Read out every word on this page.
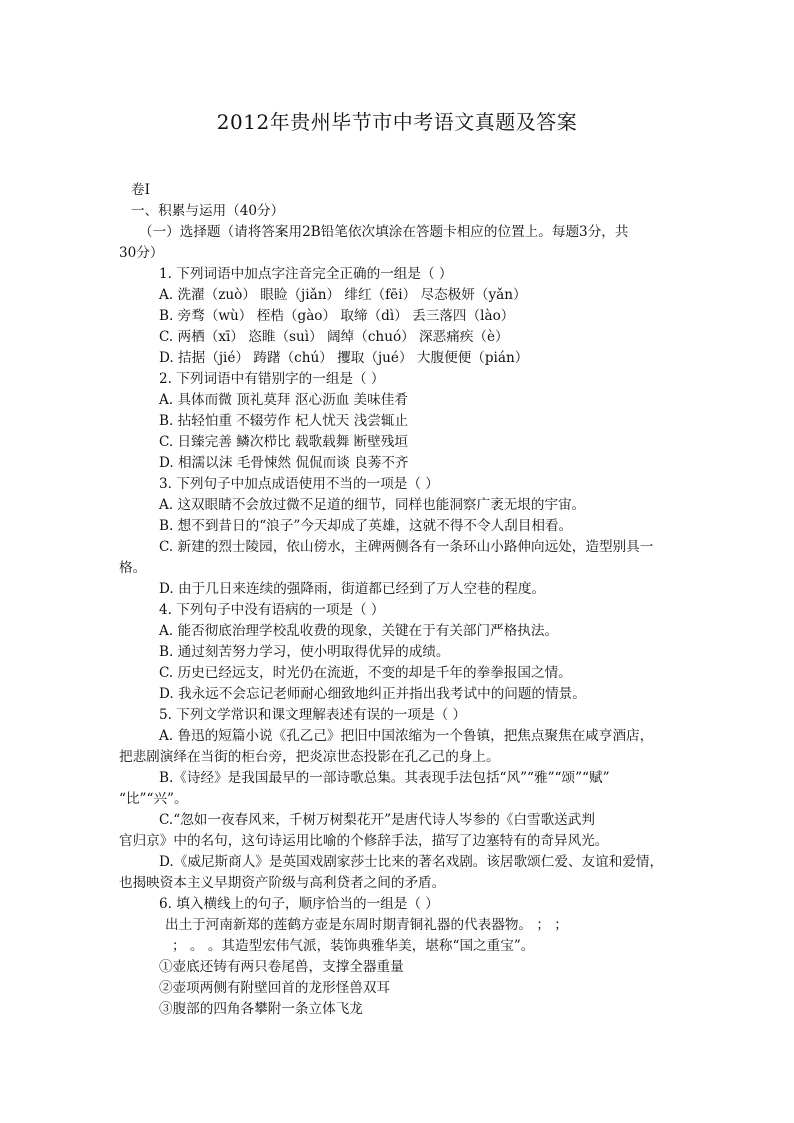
2012年贵州毕节市中考语文真题及答案
卷Ⅰ
一、积累与运用（40分）
（一）选择题（请将答案用2B铅笔依次填涂在答题卡相应的位置上。每题3分，共
30分）
1. 下列词语中加点字注音完全正确的一组是（ ）
A. 洗濯（zuò） 眼睑（jiǎn） 绯红（fēi） 尽态极妍（yǎn）
B. 旁骛（wù） 桎梏（gào） 取缔（dì） 丢三落四（lào）
C. 两栖（xī） 恣睢（suì） 阔绰（chuó） 深恶痛疾（è）
D. 拮据（jié） 踌躇（chú） 攫取（jué） 大腹便便（pián）
2. 下列词语中有错别字的一组是（ ）
A. 具体而微 顶礼莫拜 沤心沥血 美味佳肴
B. 拈轻怕重 不辍劳作 杞人忧天 浅尝辄止
C. 日臻完善 鳞次栉比 载歌载舞 断壁残垣
D. 相濡以沫 毛骨悚然 侃侃而谈 良莠不齐
3. 下列句子中加点成语使用不当的一项是（ ）
A. 这双眼睛不会放过微不足道的细节，同样也能洞察广袤无垠的宇宙。
B. 想不到昔日的“浪子”今天却成了英雄，这就不得不令人刮目相看。
C. 新建的烈士陵园，依山傍水，主碑两侧各有一条环山小路伸向远处，造型别具一
格。
D. 由于几日来连续的强降雨，街道都已经到了万人空巷的程度。
4. 下列句子中没有语病的一项是（ ）
A. 能否彻底治理学校乱收费的现象，关键在于有关部门严格执法。
B. 通过刻苦努力学习，使小明取得优异的成绩。
C. 历史已经远支，时光仍在流逝，不变的却是千年的拳拳报国之情。
D. 我永远不会忘记老师耐心细致地纠正并指出我考试中的问题的情景。
5. 下列文学常识和课文理解表述有误的一项是（ ）
A. 鲁迅的短篇小说《孔乙己》把旧中国浓缩为一个鲁镇，把焦点聚焦在咸亨酒店，
把悲剧演绎在当街的柜台旁，把炎凉世态投影在孔乙己的身上。
B.《诗经》是我国最早的一部诗歌总集。其表现手法包括“风”“雅”“颂”“赋”
“比”“兴”。
C.“忽如一夜春风来，千树万树梨花开”是唐代诗人岑参的《白雪歌送武判
官归京》中的名句，这句诗运用比喻的个修辞手法，描写了边塞特有的奇异风光。
D.《威尼斯商人》是英国戏剧家莎士比来的著名戏剧。该居歌颂仁爱、友谊和爱情，
也揭映资本主义早期资产阶级与高利贷者之间的矛盾。
6. 填入横线上的句子，顺序恰当的一组是（ ）
出土于河南新郑的莲鹤方壶是东周时期青铜礼器的代表器物。 ； ；
； 。 。其造型宏伟气派，装饰典雅华美，堪称“国之重宝”。
①壶底还铸有两只卷尾兽，支撑全器重量
②壶项两侧有附壁回首的龙形怪兽双耳
③腹部的四角各攀附一条立体飞龙
